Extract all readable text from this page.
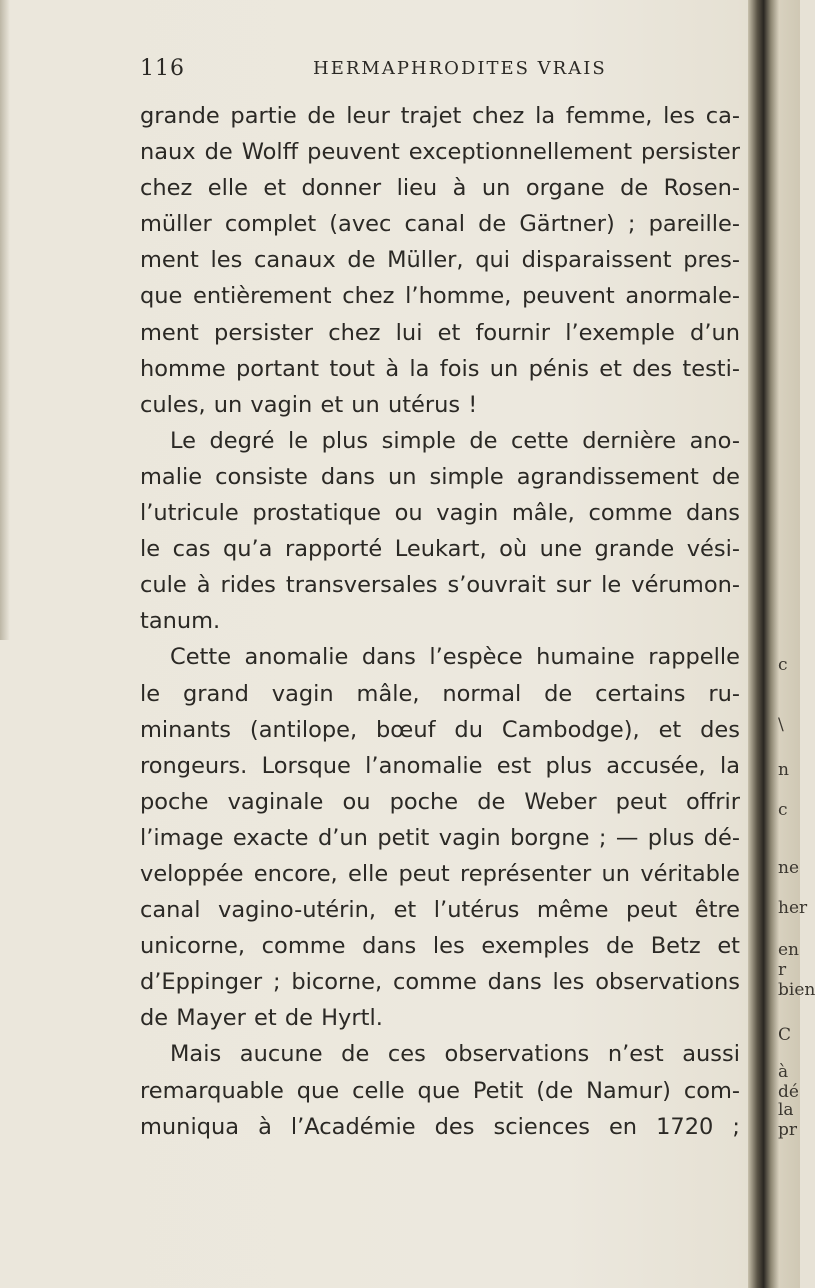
116	HERMAPHRODITES VRAIS
grande partie de leur trajet chez la femme, les ca-
naux de Wolff peuvent exceptionnellement persister
chez elle et donner lieu à un organe de Rosen-
müller complet (avec canal de Gärtner) ; pareille-
ment les canaux de Müller, qui disparaissent pres-
que entièrement chez l’homme, peuvent anormale-
ment persister chez lui et fournir l’exemple d’un
homme portant tout à la fois un pénis et des testi-
cules, un vagin et un utérus !
Le degré le plus simple de cette dernière ano-
malie consiste dans un simple agrandissement de
l’utricule prostatique ou vagin mâle, comme dans
le cas qu’a rapporté Leukart, où une grande vési-
cule à rides transversales s’ouvrait sur le vérumon-
tanum.
Cette anomalie dans l’espèce humaine rappelle
le grand vagin mâle, normal de certains ru-
minants (antilope, bœuf du Cambodge), et des
rongeurs. Lorsque l’anomalie est plus accusée, la
poche vaginale ou poche de Weber peut offrir
l’image exacte d’un petit vagin borgne ; — plus dé-
veloppée encore, elle peut représenter un véritable
canal vagino-utérin, et l’utérus même peut être
unicorne, comme dans les exemples de Betz et
d’Eppinger ; bicorne, comme dans les observations
de Mayer et de Hyrtl.
Mais aucune de ces observations n’est aussi
remarquable que celle que Petit (de Namur) com-
muniqua à l’Académie des sciences en 1720 ;
c
\
n
c
ne
her
en r
bien
C
à dé
la pr
